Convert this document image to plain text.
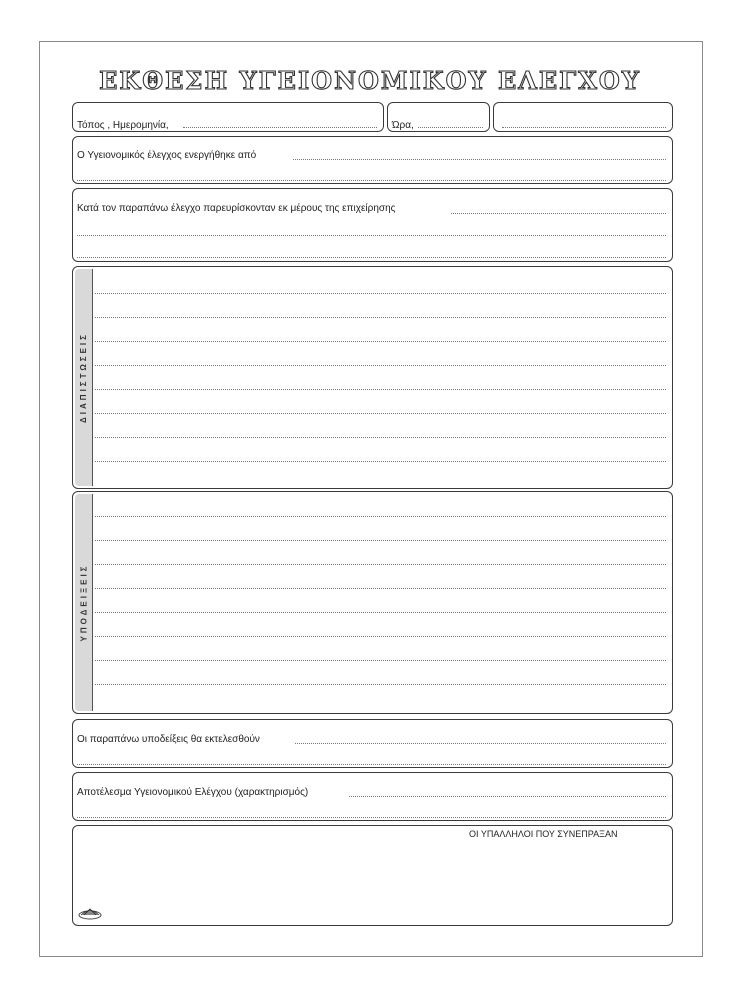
ΕΚΘΕΣΗ ΥΓΕΙΟΝΟΜΙΚΟΥ ΕΛΕΓΧΟΥ
Τόπος , Ημερομηνία,	Ώρα,
Ο Υγειονομικός έλεγχος ενεργήθηκε από
Κατά τον παραπάνω έλεγχο παρευρίσκονταν εκ μέρους της επιχείρησης
ΔΙΑΠΙΣΤΩΣΕΙΣ
ΥΠΟΔΕΙΞΕΙΣ
Οι παραπάνω υποδείξεις θα εκτελεσθούν
Αποτέλεσμα Υγειονομικού Ελέγχου (χαρακτηρισμός)
ΟΙ ΥΠΑΛΛΗΛΟΙ ΠΟΥ ΣΥΝΕΠΡΑΞΑΝ
